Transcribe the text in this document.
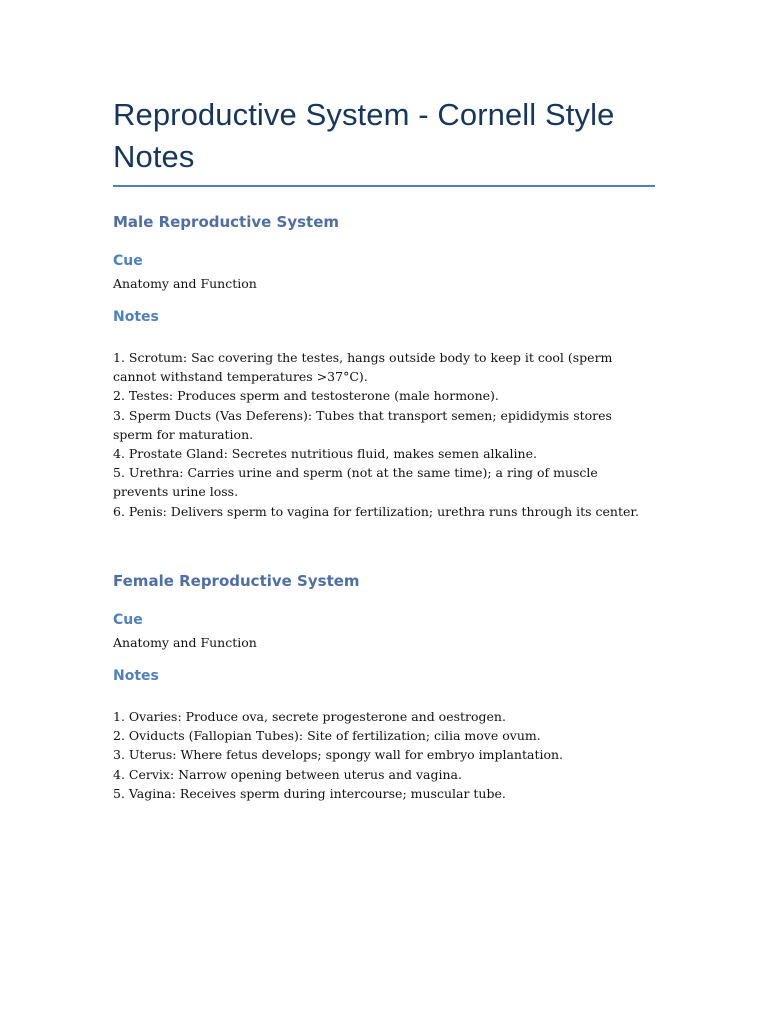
Reproductive System - Cornell Style Notes
Male Reproductive System
Cue

Anatomy and Function

Notes
1. Scrotum: Sac covering the testes, hangs outside body to keep it cool (sperm cannot withstand temperatures >37°C).
2. Testes: Produces sperm and testosterone (male hormone).
3. Sperm Ducts (Vas Deferens): Tubes that transport semen; epididymis stores sperm for maturation.
4. Prostate Gland: Secretes nutritious fluid, makes semen alkaline.
5. Urethra: Carries urine and sperm (not at the same time); a ring of muscle prevents urine loss.
6. Penis: Delivers sperm to vagina for fertilization; urethra runs through its center.
Female Reproductive System
Cue

Anatomy and Function

Notes
1. Ovaries: Produce ova, secrete progesterone and oestrogen.
2. Oviducts (Fallopian Tubes): Site of fertilization; cilia move ovum.
3. Uterus: Where fetus develops; spongy wall for embryo implantation.
4. Cervix: Narrow opening between uterus and vagina.
5. Vagina: Receives sperm during intercourse; muscular tube.
